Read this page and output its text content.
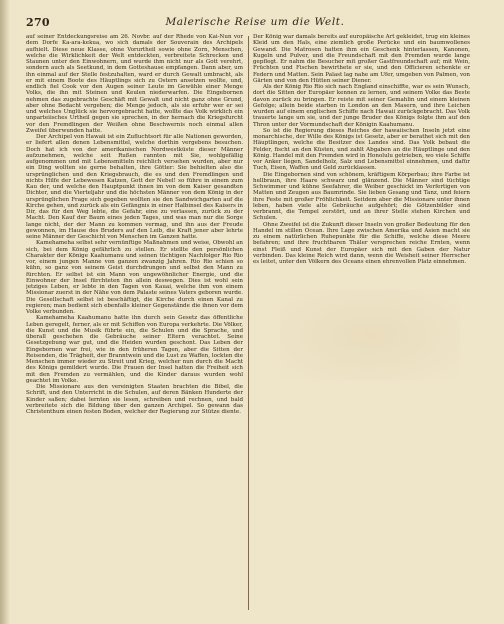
270	Malerische Reise um die Welt.

auf seiner Entdeckungsreise am 26. Novbr. auf der Rhede von Kai-Nun vor dem Dorfe Ka-ara-kekua, wo sich damals der Souverain des Archipels aufhielt. Diese neue Klasse, ohne Vorurtheil sowie ohne Zorn, Menschen, welche die Wirklichkeit der Welt entdeckten, verbreitete Schrecken und Staunen unter den Einwohnern, und wurde ihm nicht nur als Gott verehrt, sondern auch als Seetkund, in dem Gotteshause empfangen. Dann aber, um ihn einmal auf der Stelle festzuhalten, ward er durch Gewalt umbracht, als er mit einem Boote des Häuptlings sich zu Ostern ansetzen wollte, und, endlich fiel Cook vor den Augen seiner Leute im Gewühle einer Menge Volks, die ihn mit Steinen und Keulen niederwarfen. Die Eingebornen nehmen das zugebrachte Geschäft mit Gewalt und nicht ganz ohne Grund, aber ohne Bedacht vergeben; die Menge jedoch, als sie erfuhr wer er sei und welches Unglück sie hervorgebracht hatte, wollte das Volk wirklich ein unparteiisches Urtheil gegen sie sprechen, in der hernach die Kriegsfurcht vor den Fremdlingen der Weißen ohne Beschwernis noch einmal allen Zweifel überwunden hatte.

Der Archipel von Hawaii ist ein Zufluchtsort für alle Nationen geworden, er liefert allen denen Lebensmittel, welche dorthin vergebens besuchen. Doch hat ich von der amerikanischen Nordwestküste dieser Männer aufzunehmen, welche seit Rußen rannten mit Sie, wohlgefällig aufgenommen und mit Lebensmitteln reichlich versehen wurden, aber nur ein Ding wollten sie gerne behalten, ihre Götter: Sie behielten also die ursprünglichen und den Kriegsbrauch, die es und den Fremdlingen und nichts Hilfe der Lebewesen Katzen, Gott der Nebel! so führe in einem zum Kau der, und welche den Hauptpunkt ihnen im von dem Kaiser gesandten Dichter, und die Vierteljahr und die höchsten Männer von dem König in der ursprünglichen Frage sich gegeben wollten sie den Sandwichgarten auf die Kirche gehen, und zurück als ein Gefängnis in einer Halbinsel des Kaisers in Dir, das für den Weg lebte, die Gefahr, eine zu verlassen, zurück zu der Macht. Den Kauf der Baum eines jeden Tages, und was man nur die Sorge lange nicht, der der Mann zu kommen vermag, und ihn aus der Freude gewonnen, im Hause des Bruders auf den Leib, die Kraft jener aber lehrte seine Männer der Geschicht von Menschen im Ganzen hatte.

Kamehameha selbst sehr vernünftige Maßnahmen und weise, Obwohl an sich, bei dem König gefährlich zu stellen. Er stellte den persönlichen Charakter der Könige Kaahumanu und seinen tüchtigen Nachfolger Rio Rio vor, einem jungen Manne von ganzen zwanzig Jahren. Rio Rio schien so kühn, so ganz von seinem Geist durchdrungen und selbst den Mann zu fürchten. Er selbst ist ein Mann von ungewöhnlicher Energie, und die Einwohner der Insel fürchteten ihn allein deswegen. Dies ist wohl sein jetziges Leben, er lebte in den Tagen von Kauai, welche ihm von einem Missionar zuerst in der Nähe von dem Palaste seines Vaters geboren wurde. Die Gesellschaft selbst ist beschäftigt, die Kirche durch einen Kanal zu regieren; man bedient sich ebenfalls kleiner Gegenstände die ihnen vor dem Volke verbunden.

Kamehameha Kaahumanu hatte ihn durch sein Gesetz das öffentliche Leben geregelt, ferner, als er mit Schiffen von Europa verkehrte. Die Völker, die Kunst und die Musik führte ein, die Schulen und die Sprache, und überall geschehen die Gebräuche seiner Eltern verachtet. Seine Gesetzgebung war gut, und die Heiden wurden geschont. Das Leben der Eingebornen war frei, wie in den früheren Tagen, aber die Sitten der Reisenden, die Trägheit, der Branntwein und die Lust zu Waffen, lockten die Menschen immer wieder zu Streit und Krieg, welcher nun durch die Macht des Königs gemildert wurde. Die Frauen der Insel hatten die Freiheit sich mit den Fremden zu vermählen, und die Kinder daraus wurden wohl geachtet im Volke.

Die Missionare aus den vereinigten Staaten brachten die Bibel, die Schrift, und den Unterricht in die Schulen, auf deren Bänken Hunderte der Kinder saßen; dabei lernten sie lesen, schreiben und rechnen, und bald verbreitete sich die Bildung über den ganzen Archipel. So gewann das Christenthum einen festen Boden, welcher der Regierung zur Stütze diente.

Der König war damals bereits auf europäische Art gekleidet, trug ein kleines Kleid um den Hals, eine ziemlich große Perücke und ein baumwollenes Gewand. Die Matrosen hatten ihm ein Geschenk hinterlassen, Kanonen, Kugeln und Pulver, und die Freundschaft mit den Fremden wurde lange gepflegt. Er nahm die Besucher mit großer Gastfreundschaft auf; mit Wein, Früchten und Fischen bewirthete er sie, und den Officieren schenkte er Federn und Matten. Sein Palast lag nahe am Ufer, umgeben von Palmen, von Gärten und von den Hütten seiner Diener.

Als der König Rio Rio sich nach England einschiffte, war es sein Wunsch, dort die Sitten der Europäer kennen zu lernen, und seinem Volke das Beste davon zurück zu bringen. Er reiste mit seiner Gemahlin und einem kleinen Gefolge; allein beide starben in London an den Masern, und ihre Leichen wurden auf einem englischen Schiffe nach Hawaii zurückgebracht. Das Volk trauerte lange um sie, und der junge Bruder des Königs folgte ihm auf den Thron unter der Vormundschaft der Königin Kaahumanu.

So ist die Regierung dieses Reiches der hawaiischen Inseln jetzt eine monarchische, der Wille des Königs ist Gesetz, aber er berathet sich mit den Häuptlingen, welche die Besitzer des Landes sind. Das Volk bebaut die Felder, fischt an den Küsten, und zahlt Abgaben an die Häuptlinge und den König. Handel mit den Fremden wird in Honolulu getrieben, wo viele Schiffe vor Anker liegen, Sandelholz, Salz und Lebensmittel einnehmen, und dafür Tuch, Eisen, Waffen und Geld zurücklassen.

Die Eingebornen sind von schönem, kräftigem Körperbau; ihre Farbe ist hellbraun, ihre Haare schwarz und glänzend. Die Männer sind tüchtige Schwimmer und kühne Seefahrer, die Weiber geschickt im Verfertigen von Matten und Zeugen aus Baumrinde. Sie lieben Gesang und Tanz, und feiern ihre Feste mit großer Fröhlichkeit. Seitdem aber die Missionare unter ihnen leben, haben viele alte Gebräuche aufgehört; die Götzenbilder sind verbrannt, die Tempel zerstört, und an ihrer Stelle stehen Kirchen und Schulen.

Ohne Zweifel ist die Zukunft dieser Inseln von großer Bedeutung für den Handel im stillen Ocean. Ihre Lage zwischen Amerika und Asien macht sie zu einem natürlichen Ruhepunkte für die Schiffe, welche diese Meere befahren; und ihre fruchtbaren Thäler versprechen reiche Ernten, wenn einst Fleiß und Kunst der Europäer sich mit den Gaben der Natur verbinden. Das kleine Reich wird dann, wenn die Weisheit seiner Herrscher es leitet, unter den Völkern des Oceans einen ehrenvollen Platz einnehmen.
